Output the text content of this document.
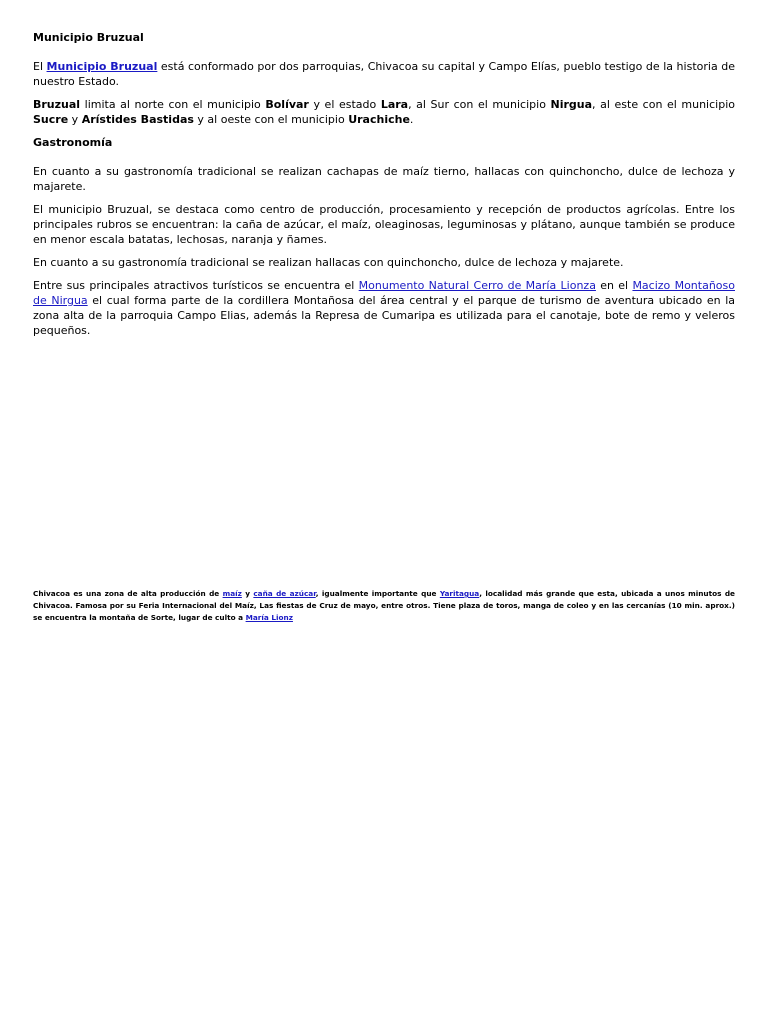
Municipio Bruzual

El Municipio Bruzual está conformado por dos parroquias, Chivacoa su capital y Campo Elías, pueblo testigo de la historia de nuestro Estado.

Bruzual limita al norte con el municipio Bolívar y el estado Lara, al Sur con el municipio Nirgua, al este con el municipio Sucre y Arístides Bastidas y al oeste con el municipio Urachiche.

Gastronomía

En cuanto a su gastronomía tradicional se realizan cachapas de maíz tierno, hallacas con quinchoncho, dulce de lechoza y majarete.

El municipio Bruzual, se destaca como centro de producción, procesamiento y recepción de productos agrícolas. Entre los principales rubros se encuentran: la caña de azúcar, el maíz, oleaginosas, leguminosas y plátano, aunque también se produce en menor escala batatas, lechosas, naranja y ñames.

En cuanto a su gastronomía tradicional se realizan hallacas con quinchoncho, dulce de lechoza y majarete.

Entre sus principales atractivos turísticos se encuentra el Monumento Natural Cerro de María Lionza en el Macizo Montañoso de Nirgua el cual forma parte de la cordillera Montañosa del área central y el parque de turismo de aventura ubicado en la zona alta de la parroquia Campo Elias, además la Represa de Cumaripa es utilizada para el canotaje, bote de remo y veleros pequeños.

Chivacoa es una zona de alta producción de maíz y caña de azúcar, igualmente importante que Yaritagua, localidad más grande que esta, ubicada a unos minutos de Chivacoa. Famosa por su Feria Internacional del Maíz, Las fiestas de Cruz de mayo, entre otros. Tiene plaza de toros, manga de coleo y en las cercanías (10 min. aprox.) se encuentra la montaña de Sorte, lugar de culto a María Lionz
